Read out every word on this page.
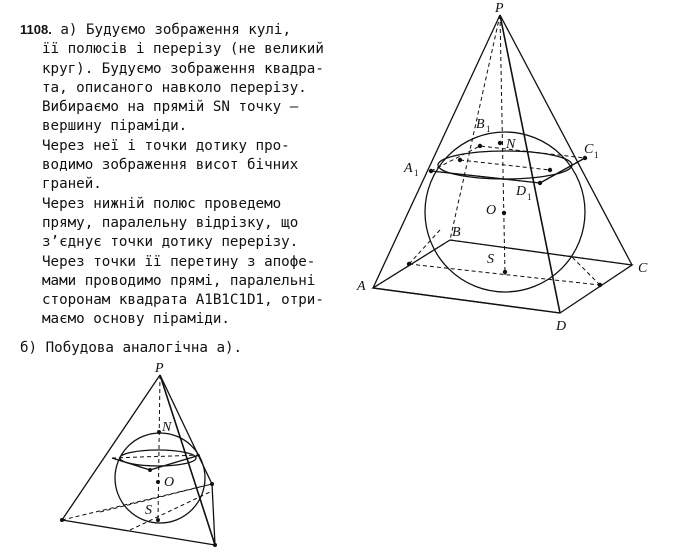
1108. а) Будуємо зображення кулі,
її полюсів і перерізу (не великий
круг). Будуємо зображення квадра-
та, описаного навколо перерізу.
Вибираємо на прямій SN точку —
вершину піраміди.
Через неї і точки дотику про-
водимо зображення висот бічних
граней.
Через нижній полюс проведемо
пряму, паралельну відрізку, що
з’єднує точки дотику перерізу.
Через точки її перетину з апофе-
мами проводимо прямі, паралельні
сторонам квадрата A1B1C1D1, отри-
маємо основу піраміди.
б) Побудова аналогічна а).
P
B 1
N	C 1
A 1
D 1
O
B
S
C
A
D
P
N
O
S
